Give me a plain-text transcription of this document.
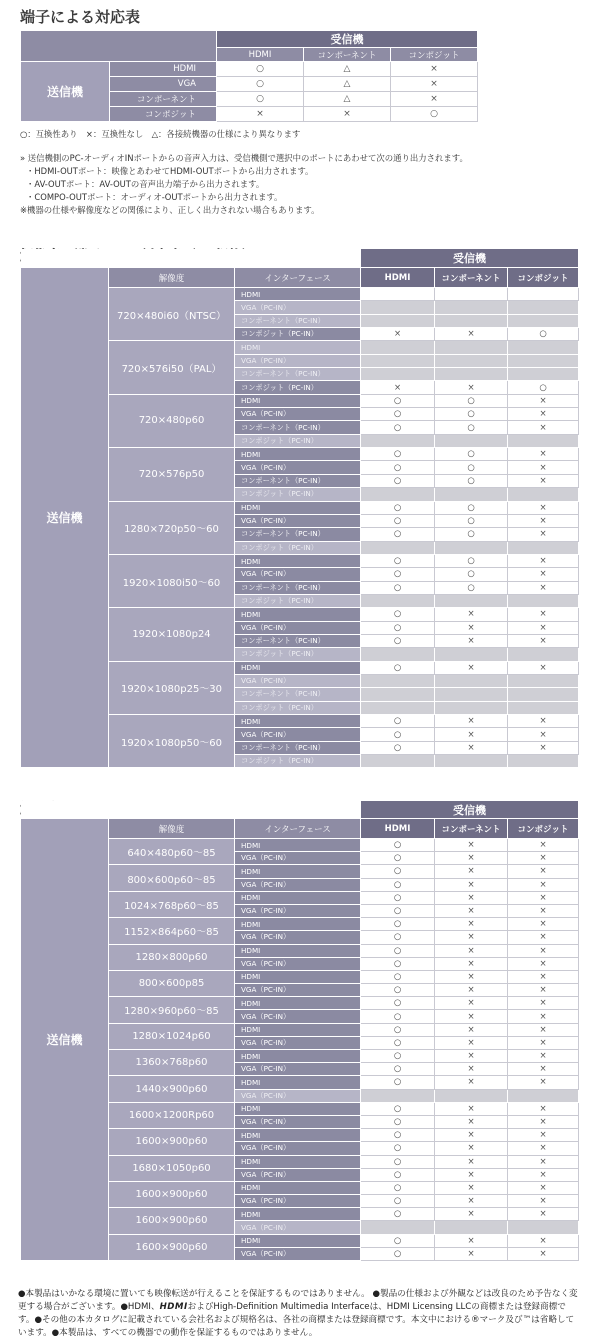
端子による対応表
		受信機		
		HDMI	コンポーネント	コンポジット
送信機	HDMI	○	△	×
	VGA	○	△	×
	コンポーネント	○	△	×
	コンポジット	×	×	○
○：互換性あり　×：互換性なし　△：各接続機器の仕様により異なります
» 送信機側のPC-オーディオINポートからの音声入力は、受信機側で選択中のポートにあわせて次の通り出力されます。
・HDMI-OUTポート：映像とあわせてHDMI-OUTポートから出力されます。
・AV-OUTポート：AV-OUTの音声出力端子から出力されます。
・COMPO-OUTポート：オーディオ-OUTポートから出力されます。
※機器の仕様や解像度などの関係により、正しく出力されない場合もあります。
			受信機		
送信機	解像度	インターフェース	HDMI	コンポーネント	コンポジット
	720×480i60（NTSC）	HDMI			
		VGA（PC-IN）			
		コンポーネント（PC-IN）			
		コンポジット（PC-IN）	×	×	○
	720×576i50（PAL）	HDMI			
		VGA（PC-IN）			
		コンポーネント（PC-IN）			
		コンポジット（PC-IN）	×	×	○
	720×480p60	HDMI	○	○	×
		VGA（PC-IN）	○	○	×
		コンポーネント（PC-IN）	○	○	×
		コンポジット（PC-IN）			
	720×576p50	HDMI	○	○	×
		VGA（PC-IN）	○	○	×
		コンポーネント（PC-IN）	○	○	×
		コンポジット（PC-IN）			
	1280×720p50～60	HDMI	○	○	×
		VGA（PC-IN）	○	○	×
		コンポーネント（PC-IN）	○	○	×
		コンポジット（PC-IN）			
	1920×1080i50～60	HDMI	○	○	×
		VGA（PC-IN）	○	○	×
		コンポーネント（PC-IN）	○	○	×
		コンポジット（PC-IN）			
	1920×1080p24	HDMI	○	×	×
		VGA（PC-IN）	○	×	×
		コンポーネント（PC-IN）	○	×	×
		コンポジット（PC-IN）			
	1920×1080p25～30	HDMI	○	×	×
		VGA（PC-IN）			
		コンポーネント（PC-IN）			
		コンポジット（PC-IN）			
	1920×1080p50～60	HDMI	○	×	×
		VGA（PC-IN）	○	×	×
		コンポーネント（PC-IN）	○	×	×
		コンポジット（PC-IN）			
			受信機		
送信機	解像度	インターフェース	HDMI	コンポーネント	コンポジット
	640×480p60～85	HDMI	○	×	×
		VGA（PC-IN）	○	×	×
	800×600p60～85	HDMI	○	×	×
		VGA（PC-IN）	○	×	×
	1024×768p60～85	HDMI	○	×	×
		VGA（PC-IN）	○	×	×
	1152×864p60～85	HDMI	○	×	×
		VGA（PC-IN）	○	×	×
	1280×800p60	HDMI	○	×	×
		VGA（PC-IN）	○	×	×
	800×600p85	HDMI	○	×	×
		VGA（PC-IN）	○	×	×
	1280×960p60～85	HDMI	○	×	×
		VGA（PC-IN）	○	×	×
	1280×1024p60	HDMI	○	×	×
		VGA（PC-IN）	○	×	×
	1360×768p60	HDMI	○	×	×
		VGA（PC-IN）	○	×	×
	1440×900p60	HDMI	○	×	×
		VGA（PC-IN）			
	1600×1200Rp60	HDMI	○	×	×
		VGA（PC-IN）	○	×	×
	1600×900p60	HDMI	○	×	×
		VGA（PC-IN）	○	×	×
	1680×1050p60	HDMI	○	×	×
		VGA（PC-IN）	○	×	×
	1600×900p60	HDMI	○	×	×
		VGA（PC-IN）	○	×	×
	1600×900p60	HDMI	○	×	×
		VGA（PC-IN）			
	1600×900p60	HDMI	○	×	×
		VGA（PC-IN）	○	×	×
●本製品はいかなる環境に置いても映像転送が行えることを保証するものではありません。 ●製品の仕様および外観などは改良のため予告なく変更する場合がございます。●HDMI、HDMIおよびHigh-Definition Multimedia Interfaceは、HDMI Licensing LLCの商標または登録商標です。●その他の本カタログに記載されている会社名および規格名は、各社の商標または登録商標です。本文中における®マーク及び™は省略しています。●本製品は、すべての機器での動作を保証するものではありません。
